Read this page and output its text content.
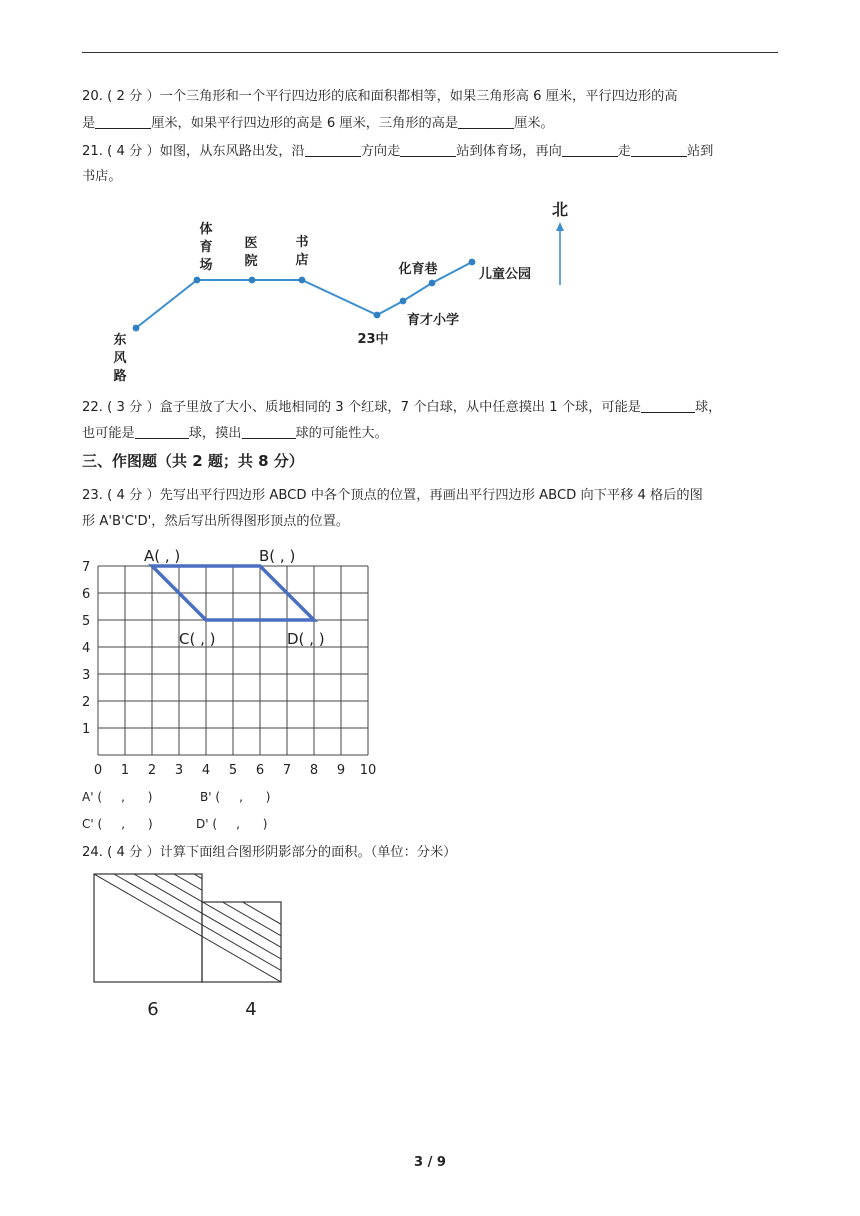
20. ( 2 分 ）一个三角形和一个平行四边形的底和面积都相等，如果三角形高 6 厘米，平行四边形的高
是	厘米，如果平行四边形的高是 6 厘米，三角形的高是	厘米。
21. ( 4 分 ）如图，从东风路出发，沿	方向走	站到体育场，再向	走	站到
书店。
东
风
路
体
育
场
医
院
书
店
23中
育才小学
化育巷	儿童公园
北
22. ( 3 分 ）盒子里放了大小、质地相同的 3 个红球，7 个白球，从中任意摸出 1 个球，可能是	球，
也可能是	球，摸出	球的可能性大。
三、作图题（共 2 题；共 8 分）
23. ( 4 分 ）先写出平行四边形 ABCD 中各个顶点的位置，再画出平行四边形 ABCD 向下平移 4 格后的图
形 A'B'C'D'，然后写出所得图形顶点的位置。
0 1 2 3 4 5 6 7 8 9 10
1
2
3
4
5
6
7
A( , )	B( , )
C( , )	D( , )
A' (     ,      )	B' (     ,      )
C' (     ,      )	D' (     ,      )
24. ( 4 分 ）计算下面组合图形阴影部分的面积。（单位：分米）
6	4
3 / 9
